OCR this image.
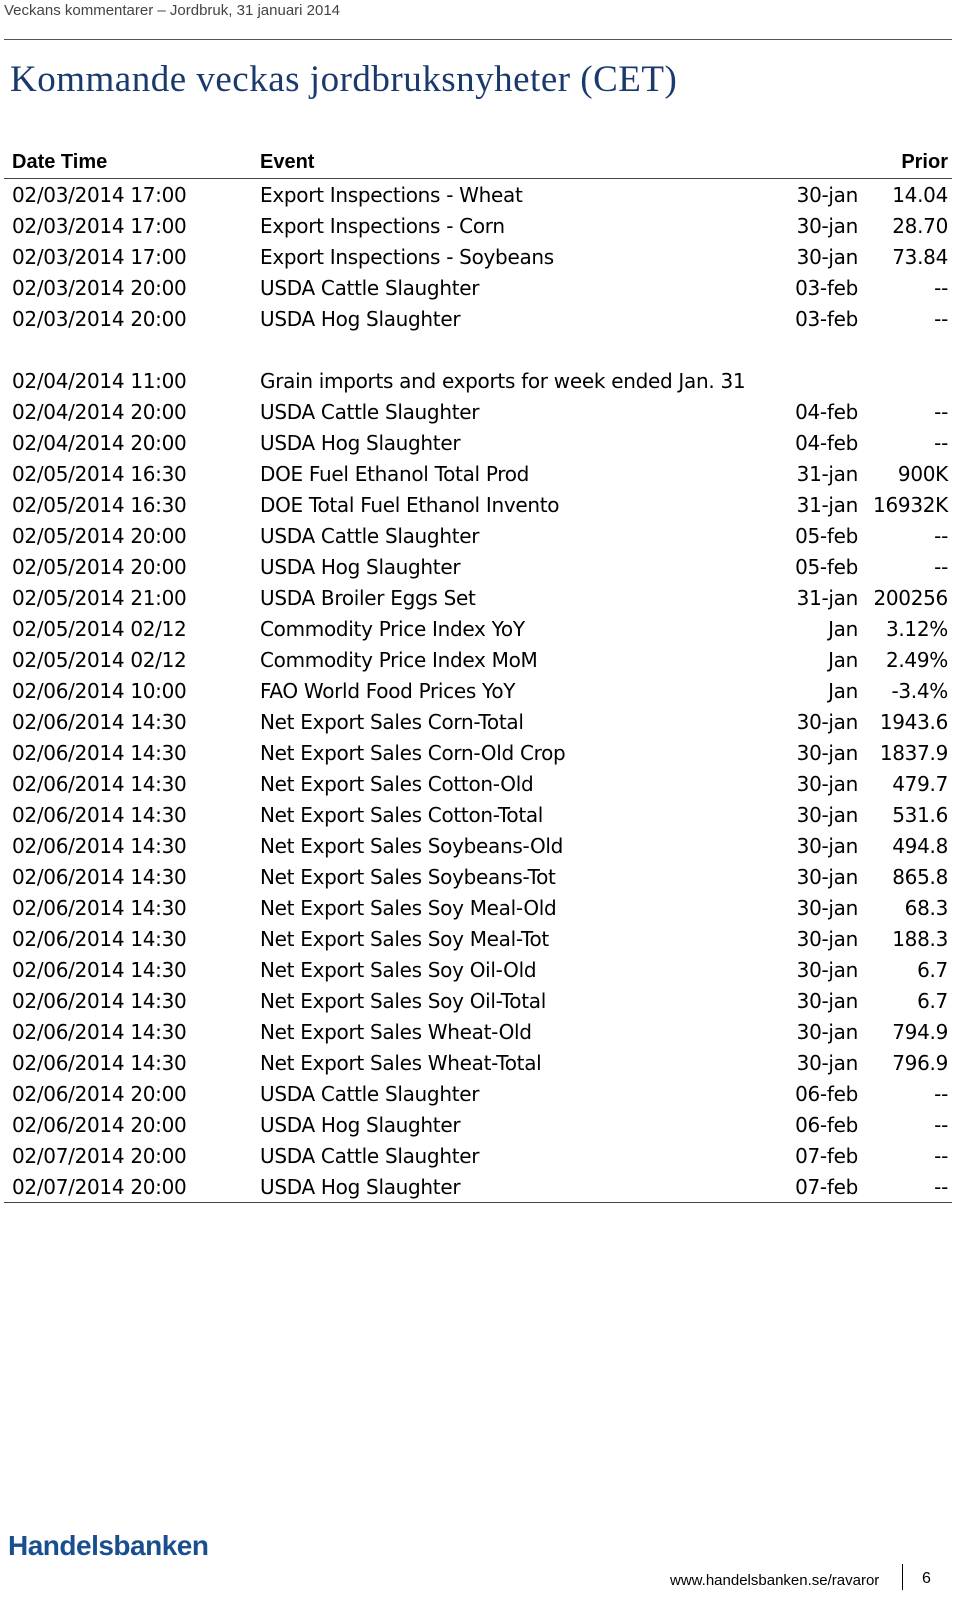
Veckans kommentarer – Jordbruk, 31 januari 2014
Kommande veckas jordbruksnyheter (CET)
Date Time	Event	Prior
02/03/2014 17:00	Export Inspections - Wheat	30-jan	14.04
02/03/2014 17:00	Export Inspections - Corn	30-jan	28.70
02/03/2014 17:00	Export Inspections - Soybeans	30-jan	73.84
02/03/2014 20:00	USDA Cattle Slaughter	03-feb	--
02/03/2014 20:00	USDA Hog Slaughter	03-feb	--
02/04/2014 11:00	Grain imports and exports for week ended Jan. 31
02/04/2014 20:00	USDA Cattle Slaughter	04-feb	--
02/04/2014 20:00	USDA Hog Slaughter	04-feb	--
02/05/2014 16:30	DOE Fuel Ethanol Total Prod	31-jan	900K
02/05/2014 16:30	DOE Total Fuel Ethanol Invento	31-jan 16932K
02/05/2014 20:00	USDA Cattle Slaughter	05-feb	--
02/05/2014 20:00	USDA Hog Slaughter	05-feb	--
02/05/2014 21:00	USDA Broiler Eggs Set	31-jan 200256
02/05/2014 02/12	Commodity Price Index YoY	Jan	3.12%
02/05/2014 02/12	Commodity Price Index MoM	Jan	2.49%
02/06/2014 10:00	FAO World Food Prices YoY	Jan	-3.4%
02/06/2014 14:30	Net Export Sales Corn-Total	30-jan	1943.6
02/06/2014 14:30	Net Export Sales Corn-Old Crop	30-jan	1837.9
02/06/2014 14:30	Net Export Sales Cotton-Old	30-jan	479.7
02/06/2014 14:30	Net Export Sales Cotton-Total	30-jan	531.6
02/06/2014 14:30	Net Export Sales Soybeans-Old	30-jan	494.8
02/06/2014 14:30	Net Export Sales Soybeans-Tot	30-jan	865.8
02/06/2014 14:30	Net Export Sales Soy Meal-Old	30-jan	68.3
02/06/2014 14:30	Net Export Sales Soy Meal-Tot	30-jan	188.3
02/06/2014 14:30	Net Export Sales Soy Oil-Old	30-jan	6.7
02/06/2014 14:30	Net Export Sales Soy Oil-Total	30-jan	6.7
02/06/2014 14:30	Net Export Sales Wheat-Old	30-jan	794.9
02/06/2014 14:30	Net Export Sales Wheat-Total	30-jan	796.9
02/06/2014 20:00	USDA Cattle Slaughter	06-feb	--
02/06/2014 20:00	USDA Hog Slaughter	06-feb	--
02/07/2014 20:00	USDA Cattle Slaughter	07-feb	--
02/07/2014 20:00	USDA Hog Slaughter	07-feb	--
Handelsbanken
www.handelsbanken.se/ravaror	6
